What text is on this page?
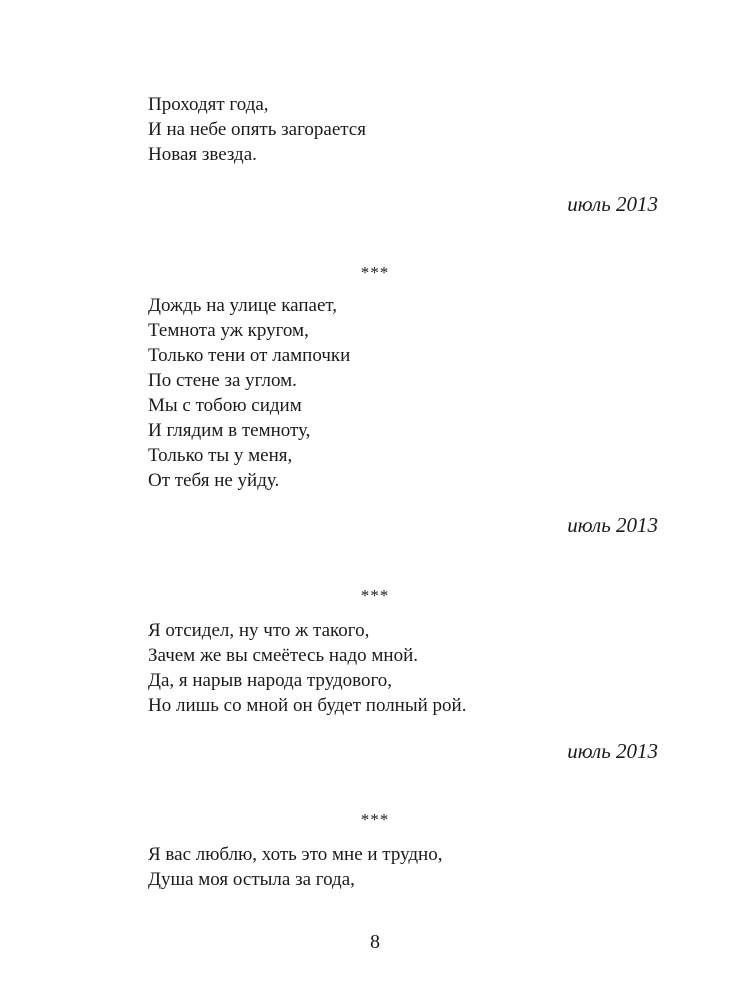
Проходят года,
И на небе опять загорается
Новая звезда.
июль 2013
***
Дождь на улице капает,
Темнота уж кругом,
Только тени от лампочки
По стене за углом.
Мы с тобою сидим
И глядим в темноту,
Только ты у меня,
От тебя не уйду.
июль 2013
***
Я отсидел, ну что ж такого,
Зачем же вы смеётесь надо мной.
Да, я нарыв народа трудового,
Но лишь со мной он будет полный рой.
июль 2013
***
Я вас люблю, хоть это мне и трудно,
Душа моя остыла за года,
8
